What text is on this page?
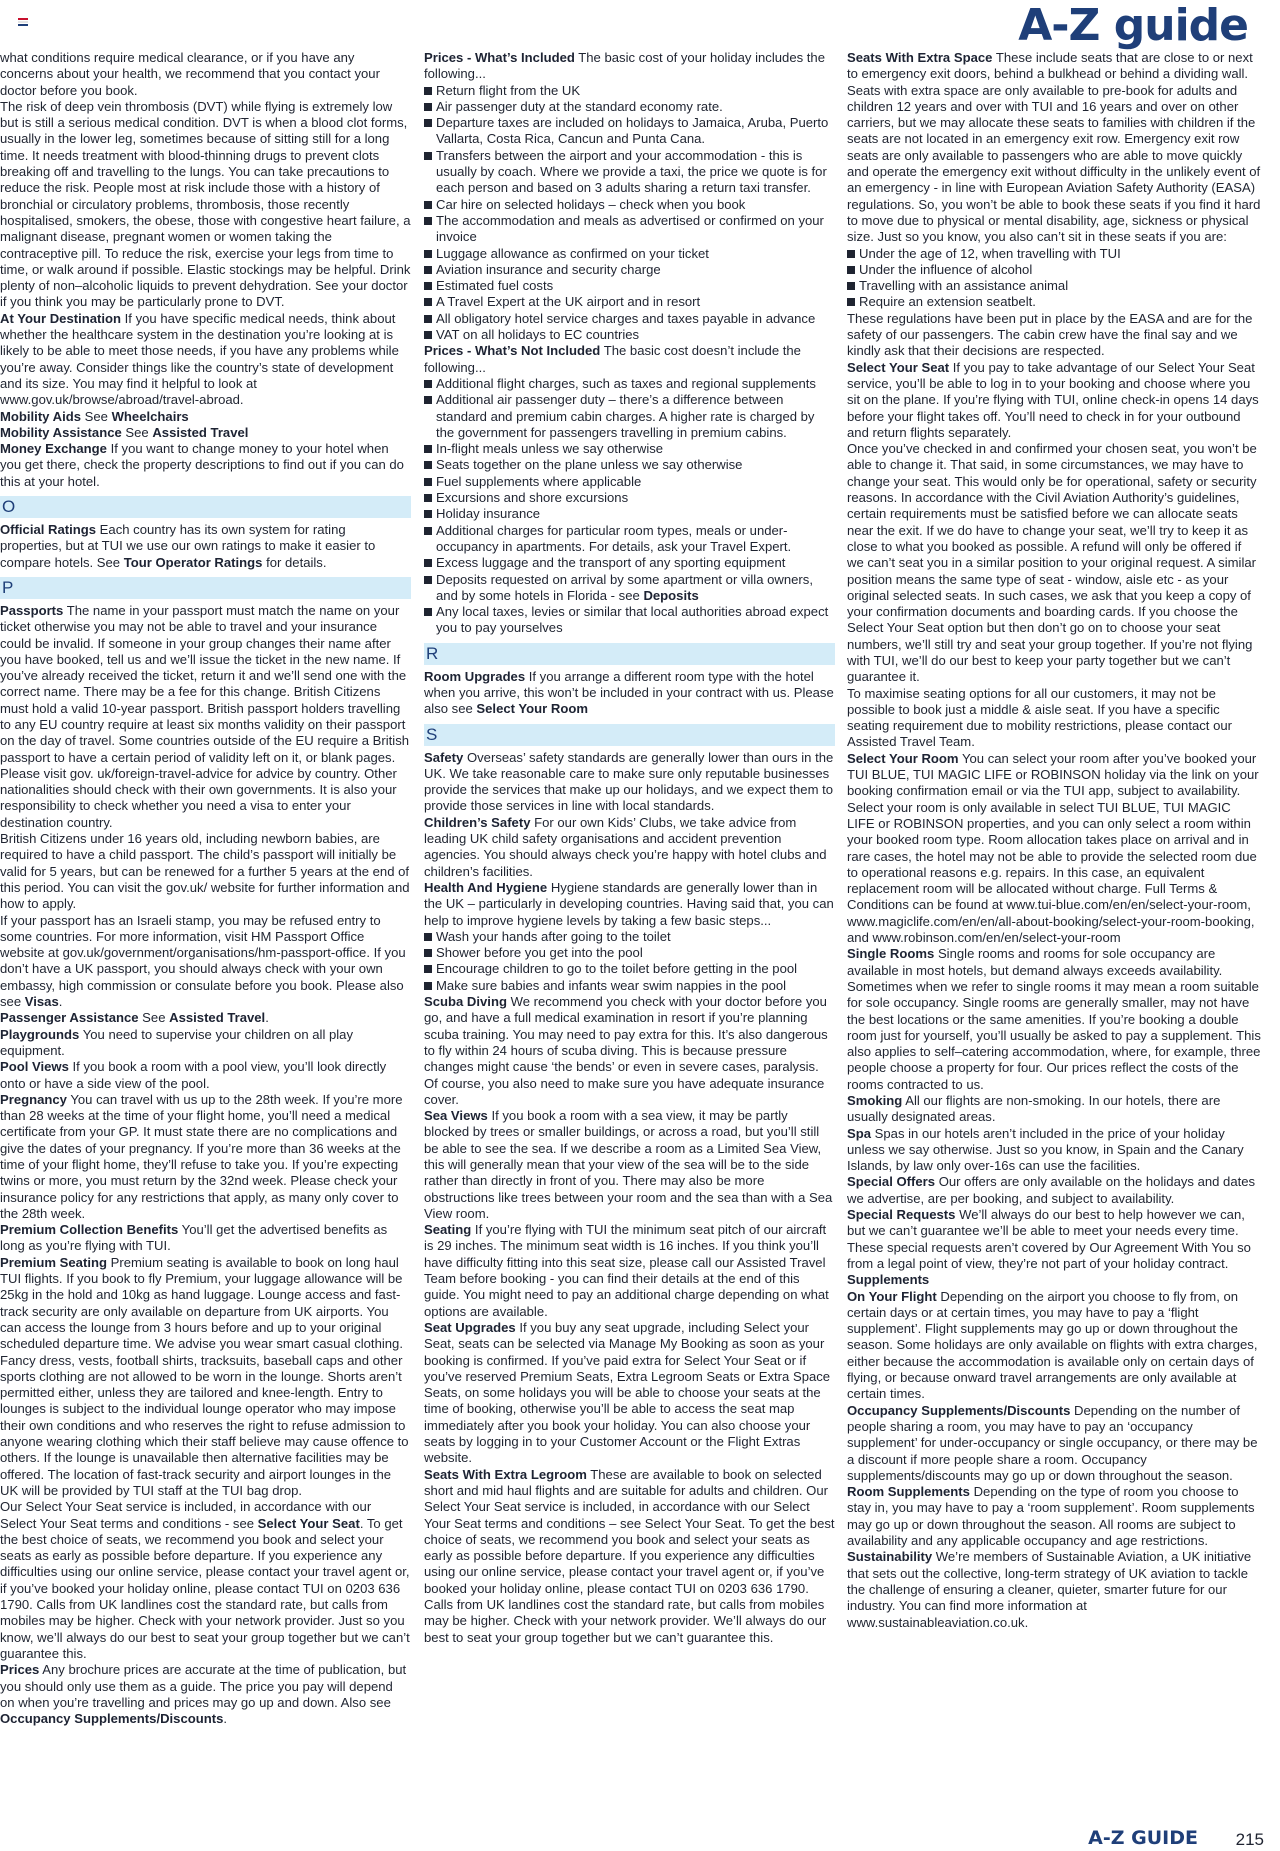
A-Z guide

what conditions require medical clearance, or if you have any concerns about your health, we recommend that you contact your doctor before you book.

The risk of deep vein thrombosis (DVT) while flying is extremely low but is still a serious medical condition. DVT is when a blood clot forms, usually in the lower leg, sometimes because of sitting still for a long time. It needs treatment with blood-thinning drugs to prevent clots breaking off and travelling to the lungs. You can take precautions to reduce the risk. People most at risk include those with a history of bronchial or circulatory problems, thrombosis, those recently hospitalised, smokers, the obese, those with congestive heart failure, a malignant disease, pregnant women or women taking the contraceptive pill. To reduce the risk, exercise your legs from time to time, or walk around if possible. Elastic stockings may be helpful. Drink plenty of non–alcoholic liquids to prevent dehydration. See your doctor if you think you may be particularly prone to DVT.

At Your Destination If you have specific medical needs, think about whether the healthcare system in the destination you’re looking at is likely to be able to meet those needs, if you have any problems while you’re away. Consider things like the country’s state of development and its size. You may find it helpful to look at www.gov.uk/browse/abroad/travel-abroad.

Mobility Aids See Wheelchairs

Mobility Assistance See Assisted Travel

Money Exchange If you want to change money to your hotel when you get there, check the property descriptions to find out if you can do this at your hotel.

O

Official Ratings Each country has its own system for rating properties, but at TUI we use our own ratings to make it easier to compare hotels. See Tour Operator Ratings for details.

P

Passports The name in your passport must match the name on your ticket otherwise you may not be able to travel and your insurance could be invalid. If someone in your group changes their name after you have booked, tell us and we’ll issue the ticket in the new name. If you’ve already received the ticket, return it and we’ll send one with the correct name. There may be a fee for this change. British Citizens must hold a valid 10-year passport. British passport holders travelling to any EU country require at least six months validity on their passport on the day of travel. Some countries outside of the EU require a British passport to have a certain period of validity left on it, or blank pages. Please visit gov. uk/foreign-travel-advice for advice by country. Other nationalities should check with their own governments. It is also your responsibility to check whether you need a visa to enter your destination country.

British Citizens under 16 years old, including newborn babies, are required to have a child passport. The child’s passport will initially be valid for 5 years, but can be renewed for a further 5 years at the end of this period. You can visit the gov.uk/ website for further information and how to apply.

If your passport has an Israeli stamp, you may be refused entry to some countries. For more information, visit HM Passport Office website at gov.uk/government/organisations/hm-passport-office. If you don’t have a UK passport, you should always check with your own embassy, high commission or consulate before you book. Please also see Visas.

Passenger Assistance See Assisted Travel.

Playgrounds You need to supervise your children on all play equipment.

Pool Views If you book a room with a pool view, you’ll look directly onto or have a side view of the pool.

Pregnancy You can travel with us up to the 28th week. If you’re more than 28 weeks at the time of your flight home, you’ll need a medical certificate from your GP. It must state there are no complications and give the dates of your pregnancy. If you’re more than 36 weeks at the time of your flight home, they’ll refuse to take you. If you’re expecting twins or more, you must return by the 32nd week. Please check your insurance policy for any restrictions that apply, as many only cover to the 28th week.

Premium Collection Benefits You’ll get the advertised benefits as long as you’re flying with TUI.

Premium Seating Premium seating is available to book on long haul TUI flights. If you book to fly Premium, your luggage allowance will be 25kg in the hold and 10kg as hand luggage. Lounge access and fast-track security are only available on departure from UK airports. You can access the lounge from 3 hours before and up to your original scheduled departure time. We advise you wear smart casual clothing. Fancy dress, vests, football shirts, tracksuits, baseball caps and other sports clothing are not allowed to be worn in the lounge. Shorts aren’t permitted either, unless they are tailored and knee-length. Entry to lounges is subject to the individual lounge operator who may impose their own conditions and who reserves the right to refuse admission to anyone wearing clothing which their staff believe may cause offence to others. If the lounge is unavailable then alternative facilities may be offered. The location of fast-track security and airport lounges in the UK will be provided by TUI staff at the TUI bag drop.

Our Select Your Seat service is included, in accordance with our Select Your Seat terms and conditions - see Select Your Seat. To get the best choice of seats, we recommend you book and select your seats as early as possible before departure. If you experience any difficulties using our online service, please contact your travel agent or, if you’ve booked your holiday online, please contact TUI on 0203 636 1790. Calls from UK landlines cost the standard rate, but calls from mobiles may be higher. Check with your network provider. Just so you know, we’ll always do our best to seat your group together but we can’t guarantee this.

Prices Any brochure prices are accurate at the time of publication, but you should only use them as a guide. The price you pay will depend on when you’re travelling and prices may go up and down. Also see Occupancy Supplements/Discounts.

Prices - What’s Included The basic cost of your holiday includes the following...

Return flight from the UK
Air passenger duty at the standard economy rate.
Departure taxes are included on holidays to Jamaica, Aruba, Puerto Vallarta, Costa Rica, Cancun and Punta Cana.
Transfers between the airport and your accommodation - this is usually by coach. Where we provide a taxi, the price we quote is for each person and based on 3 adults sharing a return taxi transfer.
Car hire on selected holidays – check when you book
The accommodation and meals as advertised or confirmed on your invoice
Luggage allowance as confirmed on your ticket
Aviation insurance and security charge
Estimated fuel costs
A Travel Expert at the UK airport and in resort
All obligatory hotel service charges and taxes payable in advance
VAT on all holidays to EC countries

Prices - What’s Not Included The basic cost doesn’t include the following...

Additional flight charges, such as taxes and regional supplements
Additional air passenger duty – there’s a difference between standard and premium cabin charges. A higher rate is charged by the government for passengers travelling in premium cabins.
In-flight meals unless we say otherwise
Seats together on the plane unless we say otherwise
Fuel supplements where applicable
Excursions and shore excursions
Holiday insurance
Additional charges for particular room types, meals or under-occupancy in apartments. For details, ask your Travel Expert.
Excess luggage and the transport of any sporting equipment
Deposits requested on arrival by some apartment or villa owners, and by some hotels in Florida - see Deposits
Any local taxes, levies or similar that local authorities abroad expect you to pay yourselves
R

Room Upgrades If you arrange a different room type with the hotel when you arrive, this won’t be included in your contract with us. Please also see Select Your Room

S

Safety Overseas’ safety standards are generally lower than ours in the UK. We take reasonable care to make sure only reputable businesses provide the services that make up our holidays, and we expect them to provide those services in line with local standards.

Children’s Safety For our own Kids’ Clubs, we take advice from leading UK child safety organisations and accident prevention agencies. You should always check you’re happy with hotel clubs and children’s facilities.

Health And Hygiene Hygiene standards are generally lower than in the UK – particularly in developing countries. Having said that, you can help to improve hygiene levels by taking a few basic steps...

Wash your hands after going to the toilet
Shower before you get into the pool
Encourage children to go to the toilet before getting in the pool
Make sure babies and infants wear swim nappies in the pool

Scuba Diving We recommend you check with your doctor before you go, and have a full medical examination in resort if you’re planning scuba training. You may need to pay extra for this. It’s also dangerous to fly within 24 hours of scuba diving. This is because pressure changes might cause ‘the bends’ or even in severe cases, paralysis. Of course, you also need to make sure you have adequate insurance cover.

Sea Views If you book a room with a sea view, it may be partly blocked by trees or smaller buildings, or across a road, but you’ll still be able to see the sea. If we describe a room as a Limited Sea View, this will generally mean that your view of the sea will be to the side rather than directly in front of you. There may also be more obstructions like trees between your room and the sea than with a Sea View room.

Seating If you’re flying with TUI the minimum seat pitch of our aircraft is 29 inches. The minimum seat width is 16 inches. If you think you’ll have difficulty fitting into this seat size, please call our Assisted Travel Team before booking - you can find their details at the end of this guide. You might need to pay an additional charge depending on what options are available.

Seat Upgrades If you buy any seat upgrade, including Select your Seat, seats can be selected via Manage My Booking as soon as your booking is confirmed. If you’ve paid extra for Select Your Seat or if you’ve reserved Premium Seats, Extra Legroom Seats or Extra Space Seats, on some holidays you will be able to choose your seats at the time of booking, otherwise you’ll be able to access the seat map immediately after you book your holiday. You can also choose your seats by logging in to your Customer Account or the Flight Extras website.

Seats With Extra Legroom These are available to book on selected short and mid haul flights and are suitable for adults and children. Our Select Your Seat service is included, in accordance with our Select Your Seat terms and conditions – see Select Your Seat. To get the best choice of seats, we recommend you book and select your seats as early as possible before departure. If you experience any difficulties using our online service, please contact your travel agent or, if you’ve booked your holiday online, please contact TUI on 0203 636 1790. Calls from UK landlines cost the standard rate, but calls from mobiles may be higher. Check with your network provider. We’ll always do our best to seat your group together but we can’t guarantee this.

Seats With Extra Space These include seats that are close to or next to emergency exit doors, behind a bulkhead or behind a dividing wall. Seats with extra space are only available to pre-book for adults and children 12 years and over with TUI and 16 years and over on other carriers, but we may allocate these seats to families with children if the seats are not located in an emergency exit row. Emergency exit row seats are only available to passengers who are able to move quickly and operate the emergency exit without difficulty in the unlikely event of an emergency - in line with European Aviation Safety Authority (EASA) regulations. So, you won’t be able to book these seats if you find it hard to move due to physical or mental disability, age, sickness or physical size. Just so you know, you also can’t sit in these seats if you are:

Under the age of 12, when travelling with TUI
Under the influence of alcohol
Travelling with an assistance animal
Require an extension seatbelt.

These regulations have been put in place by the EASA and are for the safety of our passengers. The cabin crew have the final say and we kindly ask that their decisions are respected.

Select Your Seat If you pay to take advantage of our Select Your Seat service, you’ll be able to log in to your booking and choose where you sit on the plane. If you’re flying with TUI, online check-in opens 14 days before your flight takes off. You’ll need to check in for your outbound and return flights separately.

Once you’ve checked in and confirmed your chosen seat, you won’t be able to change it. That said, in some circumstances, we may have to change your seat. This would only be for operational, safety or security reasons. In accordance with the Civil Aviation Authority’s guidelines, certain requirements must be satisfied before we can allocate seats near the exit. If we do have to change your seat, we’ll try to keep it as close to what you booked as possible. A refund will only be offered if we can’t seat you in a similar position to your original request. A similar position means the same type of seat - window, aisle etc - as your original selected seats. In such cases, we ask that you keep a copy of your confirmation documents and boarding cards. If you choose the Select Your Seat option but then don’t go on to choose your seat numbers, we’ll still try and seat your group together. If you’re not flying with TUI, we’ll do our best to keep your party together but we can’t guarantee it.

To maximise seating options for all our customers, it may not be possible to book just a middle & aisle seat. If you have a specific seating requirement due to mobility restrictions, please contact our Assisted Travel Team.

Select Your Room You can select your room after you’ve booked your TUI BLUE, TUI MAGIC LIFE or ROBINSON holiday via the link on your booking confirmation email or via the TUI app, subject to availability. Select your room is only available in select TUI BLUE, TUI MAGIC LIFE or ROBINSON properties, and you can only select a room within your booked room type. Room allocation takes place on arrival and in rare cases, the hotel may not be able to provide the selected room due to operational reasons e.g. repairs. In this case, an equivalent replacement room will be allocated without charge. Full Terms & Conditions can be found at www.tui-blue.com/en/en/select-your-room, www.magiclife.com/en/en/all-about-booking/select-your-room-booking, and www.robinson.com/en/en/select-your-room

Single Rooms Single rooms and rooms for sole occupancy are available in most hotels, but demand always exceeds availability. Sometimes when we refer to single rooms it may mean a room suitable for sole occupancy. Single rooms are generally smaller, may not have the best locations or the same amenities. If you’re booking a double room just for yourself, you’ll usually be asked to pay a supplement. This also applies to self–catering accommodation, where, for example, three people choose a property for four. Our prices reflect the costs of the rooms contracted to us.

Smoking All our flights are non-smoking. In our hotels, there are usually designated areas.

Spa Spas in our hotels aren’t included in the price of your holiday unless we say otherwise. Just so you know, in Spain and the Canary Islands, by law only over-16s can use the facilities.

Special Offers Our offers are only available on the holidays and dates we advertise, are per booking, and subject to availability.

Special Requests We’ll always do our best to help however we can, but we can’t guarantee we’ll be able to meet your needs every time. These special requests aren’t covered by Our Agreement With You so from a legal point of view, they’re not part of your holiday contract.

Supplements

On Your Flight Depending on the airport you choose to fly from, on certain days or at certain times, you may have to pay a ‘flight supplement’. Flight supplements may go up or down throughout the season. Some holidays are only available on flights with extra charges, either because the accommodation is available only on certain days of flying, or because onward travel arrangements are only available at certain times.

Occupancy Supplements/Discounts Depending on the number of people sharing a room, you may have to pay an ‘occupancy supplement’ for under-occupancy or single occupancy, or there may be a discount if more people share a room. Occupancy supplements/discounts may go up or down throughout the season.

Room Supplements Depending on the type of room you choose to stay in, you may have to pay a ‘room supplement’. Room supplements may go up or down throughout the season. All rooms are subject to availability and any applicable occupancy and age restrictions.

Sustainability We’re members of Sustainable Aviation, a UK initiative that sets out the collective, long-term strategy of UK aviation to tackle the challenge of ensuring a cleaner, quieter, smarter future for our industry. You can find more information at www.sustainableaviation.co.uk.

A-Z GUIDE 215
